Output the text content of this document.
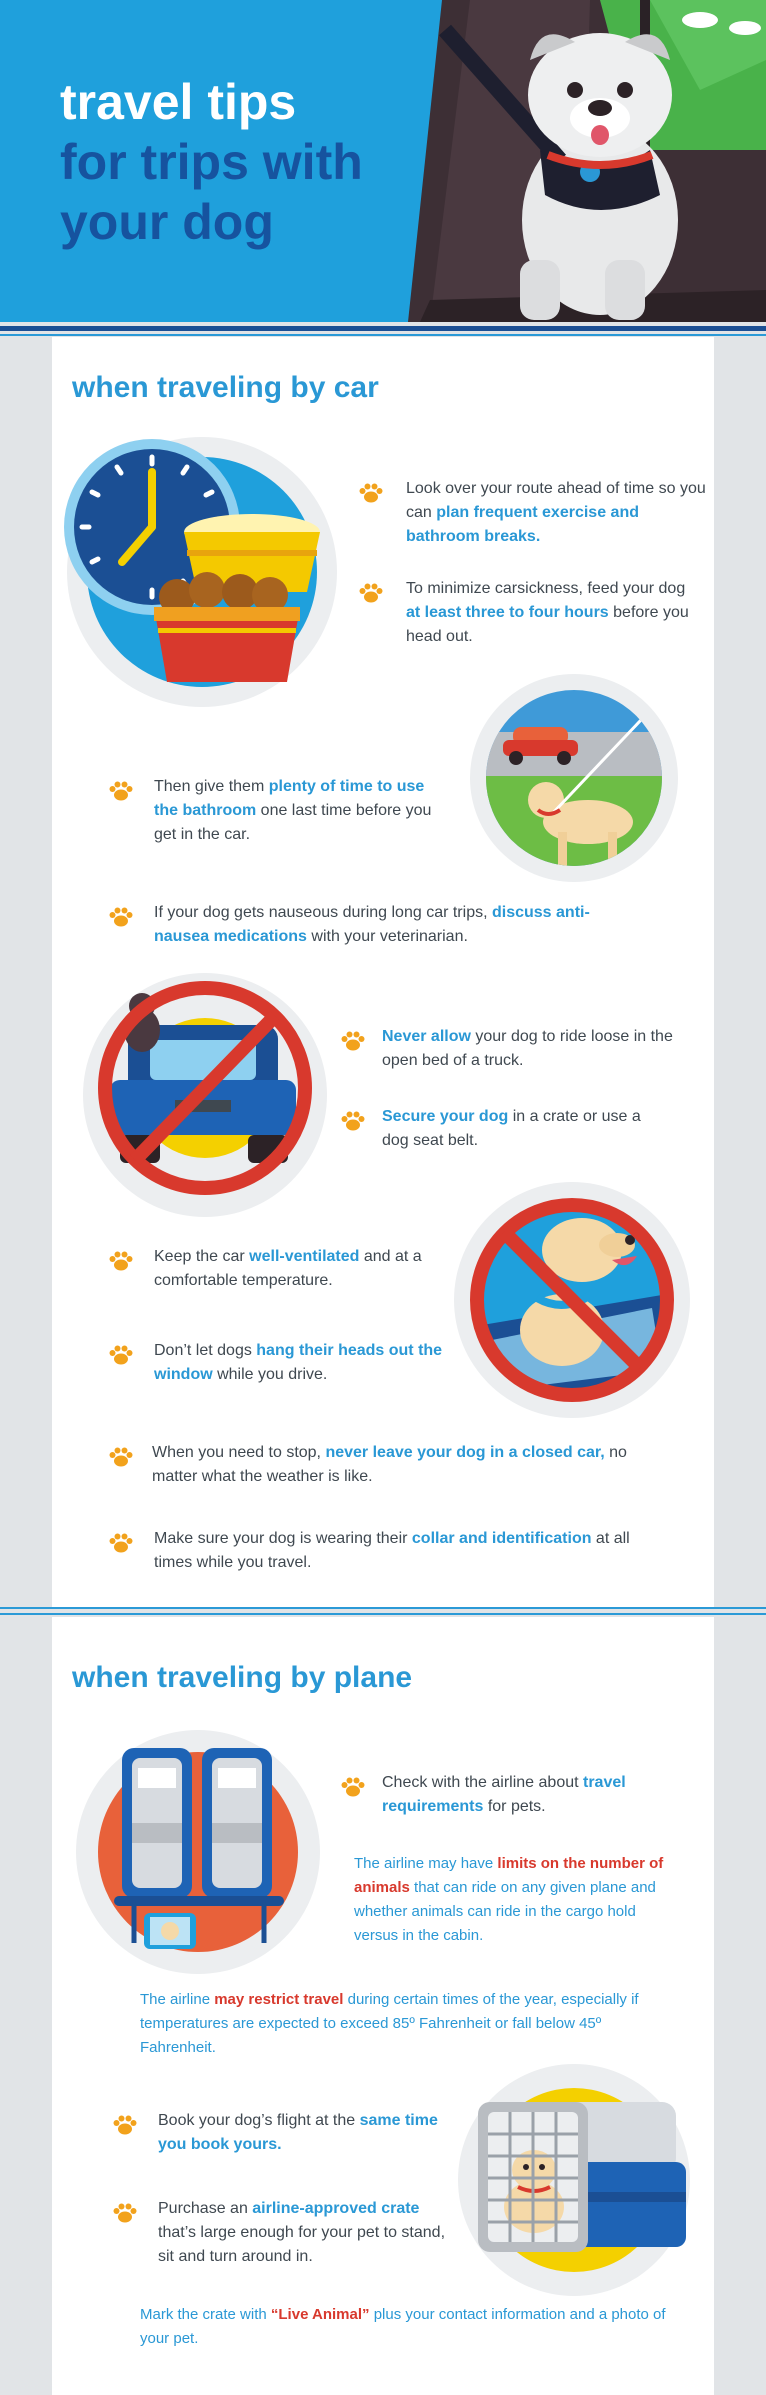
travel tips
for trips with
your dog
when traveling by car
Look over your route ahead of time so you can plan frequent exercise and bathroom breaks.
To minimize carsickness, feed your dog at least three to four hours before you head out.
Then give them plenty of time to use the bathroom one last time before you get in the car.
If your dog gets nauseous during long car trips, discuss anti-nausea medications with your veterinarian.
Never allow your dog to ride loose in the open bed of a truck.
Secure your dog in a crate or use a dog seat belt.
Keep the car well-ventilated and at a comfortable temperature.
Don’t let dogs hang their heads out the window while you drive.
When you need to stop, never leave your dog in a closed car, no matter what the weather is like.
Make sure your dog is wearing their collar and identification at all times while you travel.
when traveling by plane
Check with the airline about travel requirements for pets.
The airline may have limits on the number of animals that can ride on any given plane and whether animals can ride in the cargo hold versus in the cabin.
The airline may restrict travel during certain times of the year, especially if temperatures are expected to exceed 85º Fahrenheit or fall below 45º Fahrenheit.
Book your dog’s flight at the same time you book yours.
Purchase an airline-approved crate that’s large enough for your pet to stand, sit and turn around in.
Mark the crate with “Live Animal” plus your contact information and a photo of your pet.
